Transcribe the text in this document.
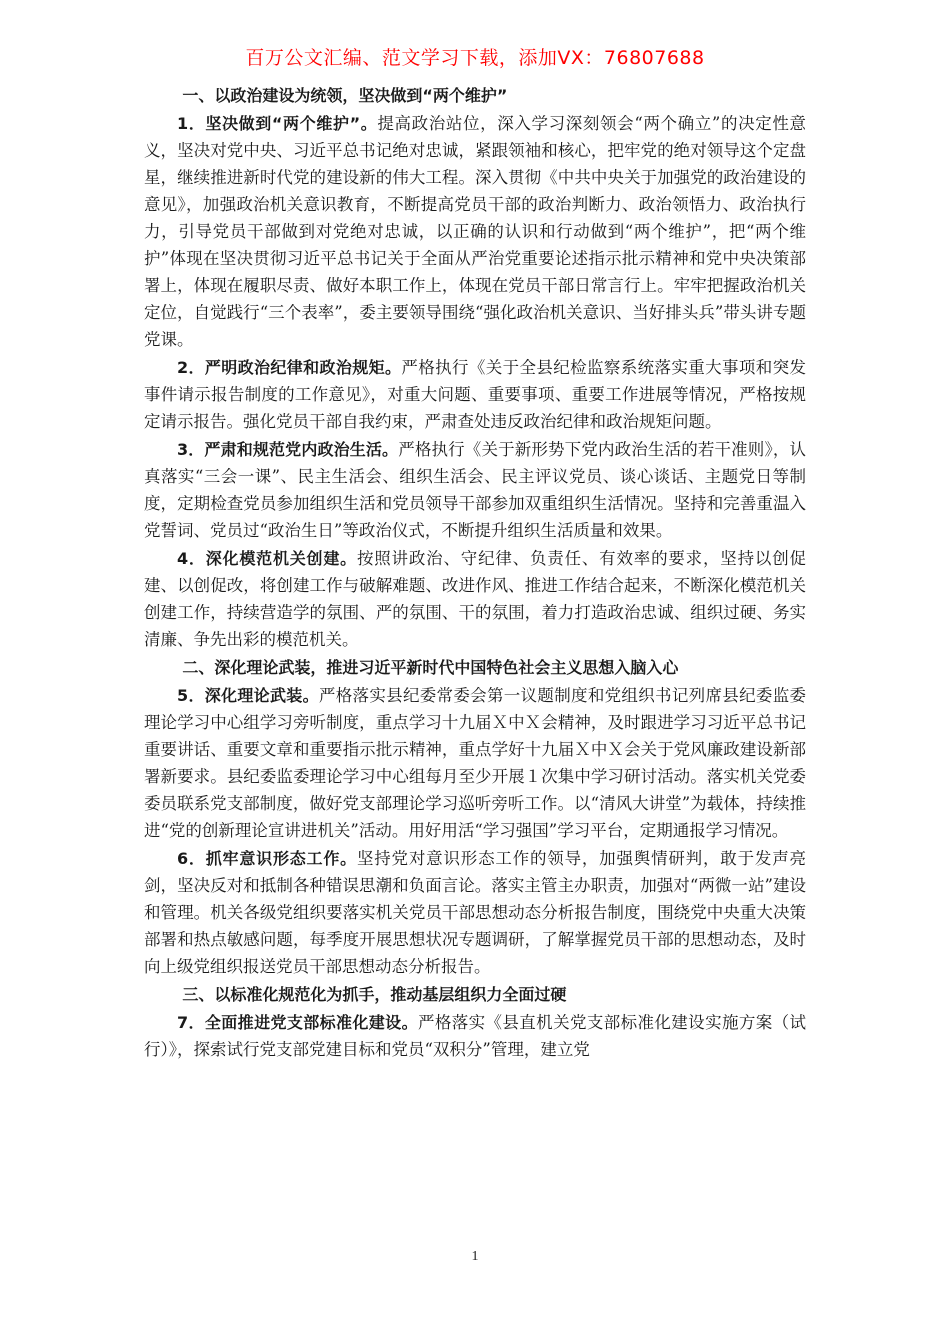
百万公文汇编、范文学习下载，添加VX：76807688

一、以政治建设为统领，坚决做到“两个维护”

1．坚决做到“两个维护”。提高政治站位，深入学习深刻领会“两个确立”的决定性意义，坚决对党中央、习近平总书记绝对忠诚，紧跟领袖和核心，把牢党的绝对领导这个定盘星，继续推进新时代党的建设新的伟大工程。深入贯彻《中共中央关于加强党的政治建设的意见》，加强政治机关意识教育，不断提高党员干部的政治判断力、政治领悟力、政治执行力，引导党员干部做到对党绝对忠诚，以正确的认识和行动做到“两个维护”，把“两个维护”体现在坚决贯彻习近平总书记关于全面从严治党重要论述指示批示精神和党中央决策部署上，体现在履职尽责、做好本职工作上，体现在党员干部日常言行上。牢牢把握政治机关定位，自觉践行“三个表率”，委主要领导围绕“强化政治机关意识、当好排头兵”带头讲专题党课。

2．严明政治纪律和政治规矩。严格执行《关于全县纪检监察系统落实重大事项和突发事件请示报告制度的工作意见》，对重大问题、重要事项、重要工作进展等情况，严格按规定请示报告。强化党员干部自我约束，严肃查处违反政治纪律和政治规矩问题。

3．严肃和规范党内政治生活。严格执行《关于新形势下党内政治生活的若干准则》，认真落实“三会一课”、民主生活会、组织生活会、民主评议党员、谈心谈话、主题党日等制度，定期检查党员参加组织生活和党员领导干部参加双重组织生活情况。坚持和完善重温入党誓词、党员过“政治生日”等政治仪式，不断提升组织生活质量和效果。

4．深化模范机关创建。按照讲政治、守纪律、负责任、有效率的要求，坚持以创促建、以创促改，将创建工作与破解难题、改进作风、推进工作结合起来，不断深化模范机关创建工作，持续营造学的氛围、严的氛围、干的氛围，着力打造政治忠诚、组织过硬、务实清廉、争先出彩的模范机关。

二、深化理论武装，推进习近平新时代中国特色社会主义思想入脑入心

5．深化理论武装。严格落实县纪委常委会第一议题制度和党组织书记列席县纪委监委理论学习中心组学习旁听制度，重点学习十九届Ｘ中Ｘ会精神，及时跟进学习习近平总书记重要讲话、重要文章和重要指示批示精神，重点学好十九届Ｘ中Ｘ会关于党风廉政建设新部署新要求。县纪委监委理论学习中心组每月至少开展１次集中学习研讨活动。落实机关党委委员联系党支部制度，做好党支部理论学习巡听旁听工作。以“清风大讲堂”为载体，持续推进“党的创新理论宣讲进机关”活动。用好用活“学习强国”学习平台，定期通报学习情况。

6．抓牢意识形态工作。坚持党对意识形态工作的领导，加强舆情研判，敢于发声亮剑，坚决反对和抵制各种错误思潮和负面言论。落实主管主办职责，加强对“两微一站”建设和管理。机关各级党组织要落实机关党员干部思想动态分析报告制度，围绕党中央重大决策部署和热点敏感问题，每季度开展思想状况专题调研，了解掌握党员干部的思想动态，及时向上级党组织报送党员干部思想动态分析报告。

三、以标准化规范化为抓手，推动基层组织力全面过硬

7．全面推进党支部标准化建设。严格落实《县直机关党支部标准化建设实施方案（试行）》，探索试行党支部党建目标和党员“双积分”管理，建立党

1
